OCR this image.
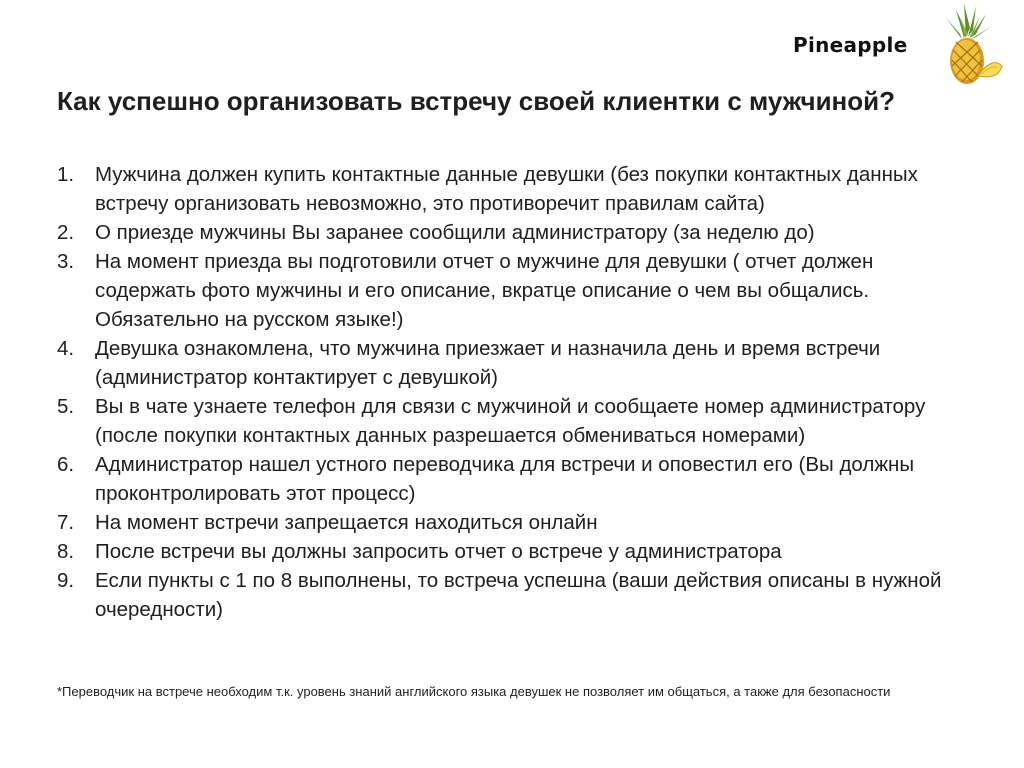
Pineapple
Как успешно организовать встречу своей клиентки с мужчиной?
1.	Мужчина должен купить контактные данные девушки (без покупки контактных данных встречу организовать невозможно, это противоречит правилам сайта)
2.	О приезде мужчины Вы заранее сообщили администратору (за неделю до)
3.	На момент приезда вы подготовили отчет о мужчине для девушки ( отчет должен содержать фото мужчины и его описание, вкратце описание о чем вы общались. Обязательно на русском языке!)
4.	Девушка ознакомлена, что мужчина приезжает и назначила день и время встречи (администратор контактирует с девушкой)
5.	Вы в чате узнаете телефон для связи с мужчиной и сообщаете номер администратору (после покупки контактных данных разрешается обмениваться номерами)
6.	Администратор нашел устного переводчика для встречи и оповестил его (Вы должны проконтролировать этот процесс)
7.	На момент встречи запрещается находиться онлайн
8.	После встречи вы должны запросить отчет о встрече у администратора
9.	Если пункты с 1 по 8 выполнены, то встреча успешна (ваши действия описаны в нужной очередности)

*Переводчик на встрече необходим т.к. уровень знаний английского языка девушек не позволяет им общаться, а также для безопасности
